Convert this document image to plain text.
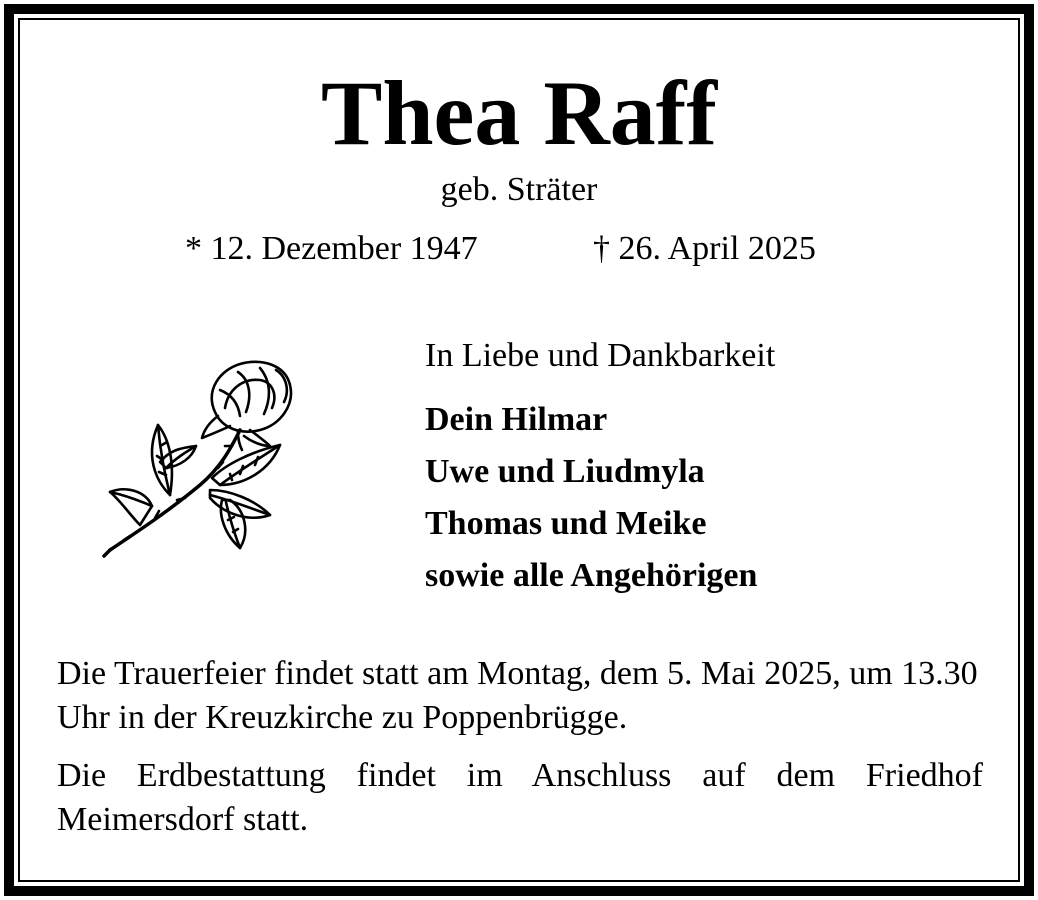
Thea Raff
geb. Sträter
* 12. Dezember 1947	† 26. April 2025
In Liebe und Dankbarkeit
Dein Hilmar
Uwe und Liudmyla
Thomas und Meike
sowie alle Angehörigen

Die Trauerfeier findet statt am Montag, dem 5. Mai 2025, um 13.30 Uhr in der Kreuzkirche zu Poppenbrügge.

Die Erdbestattung findet im Anschluss auf dem Friedhof Meimersdorf statt.
